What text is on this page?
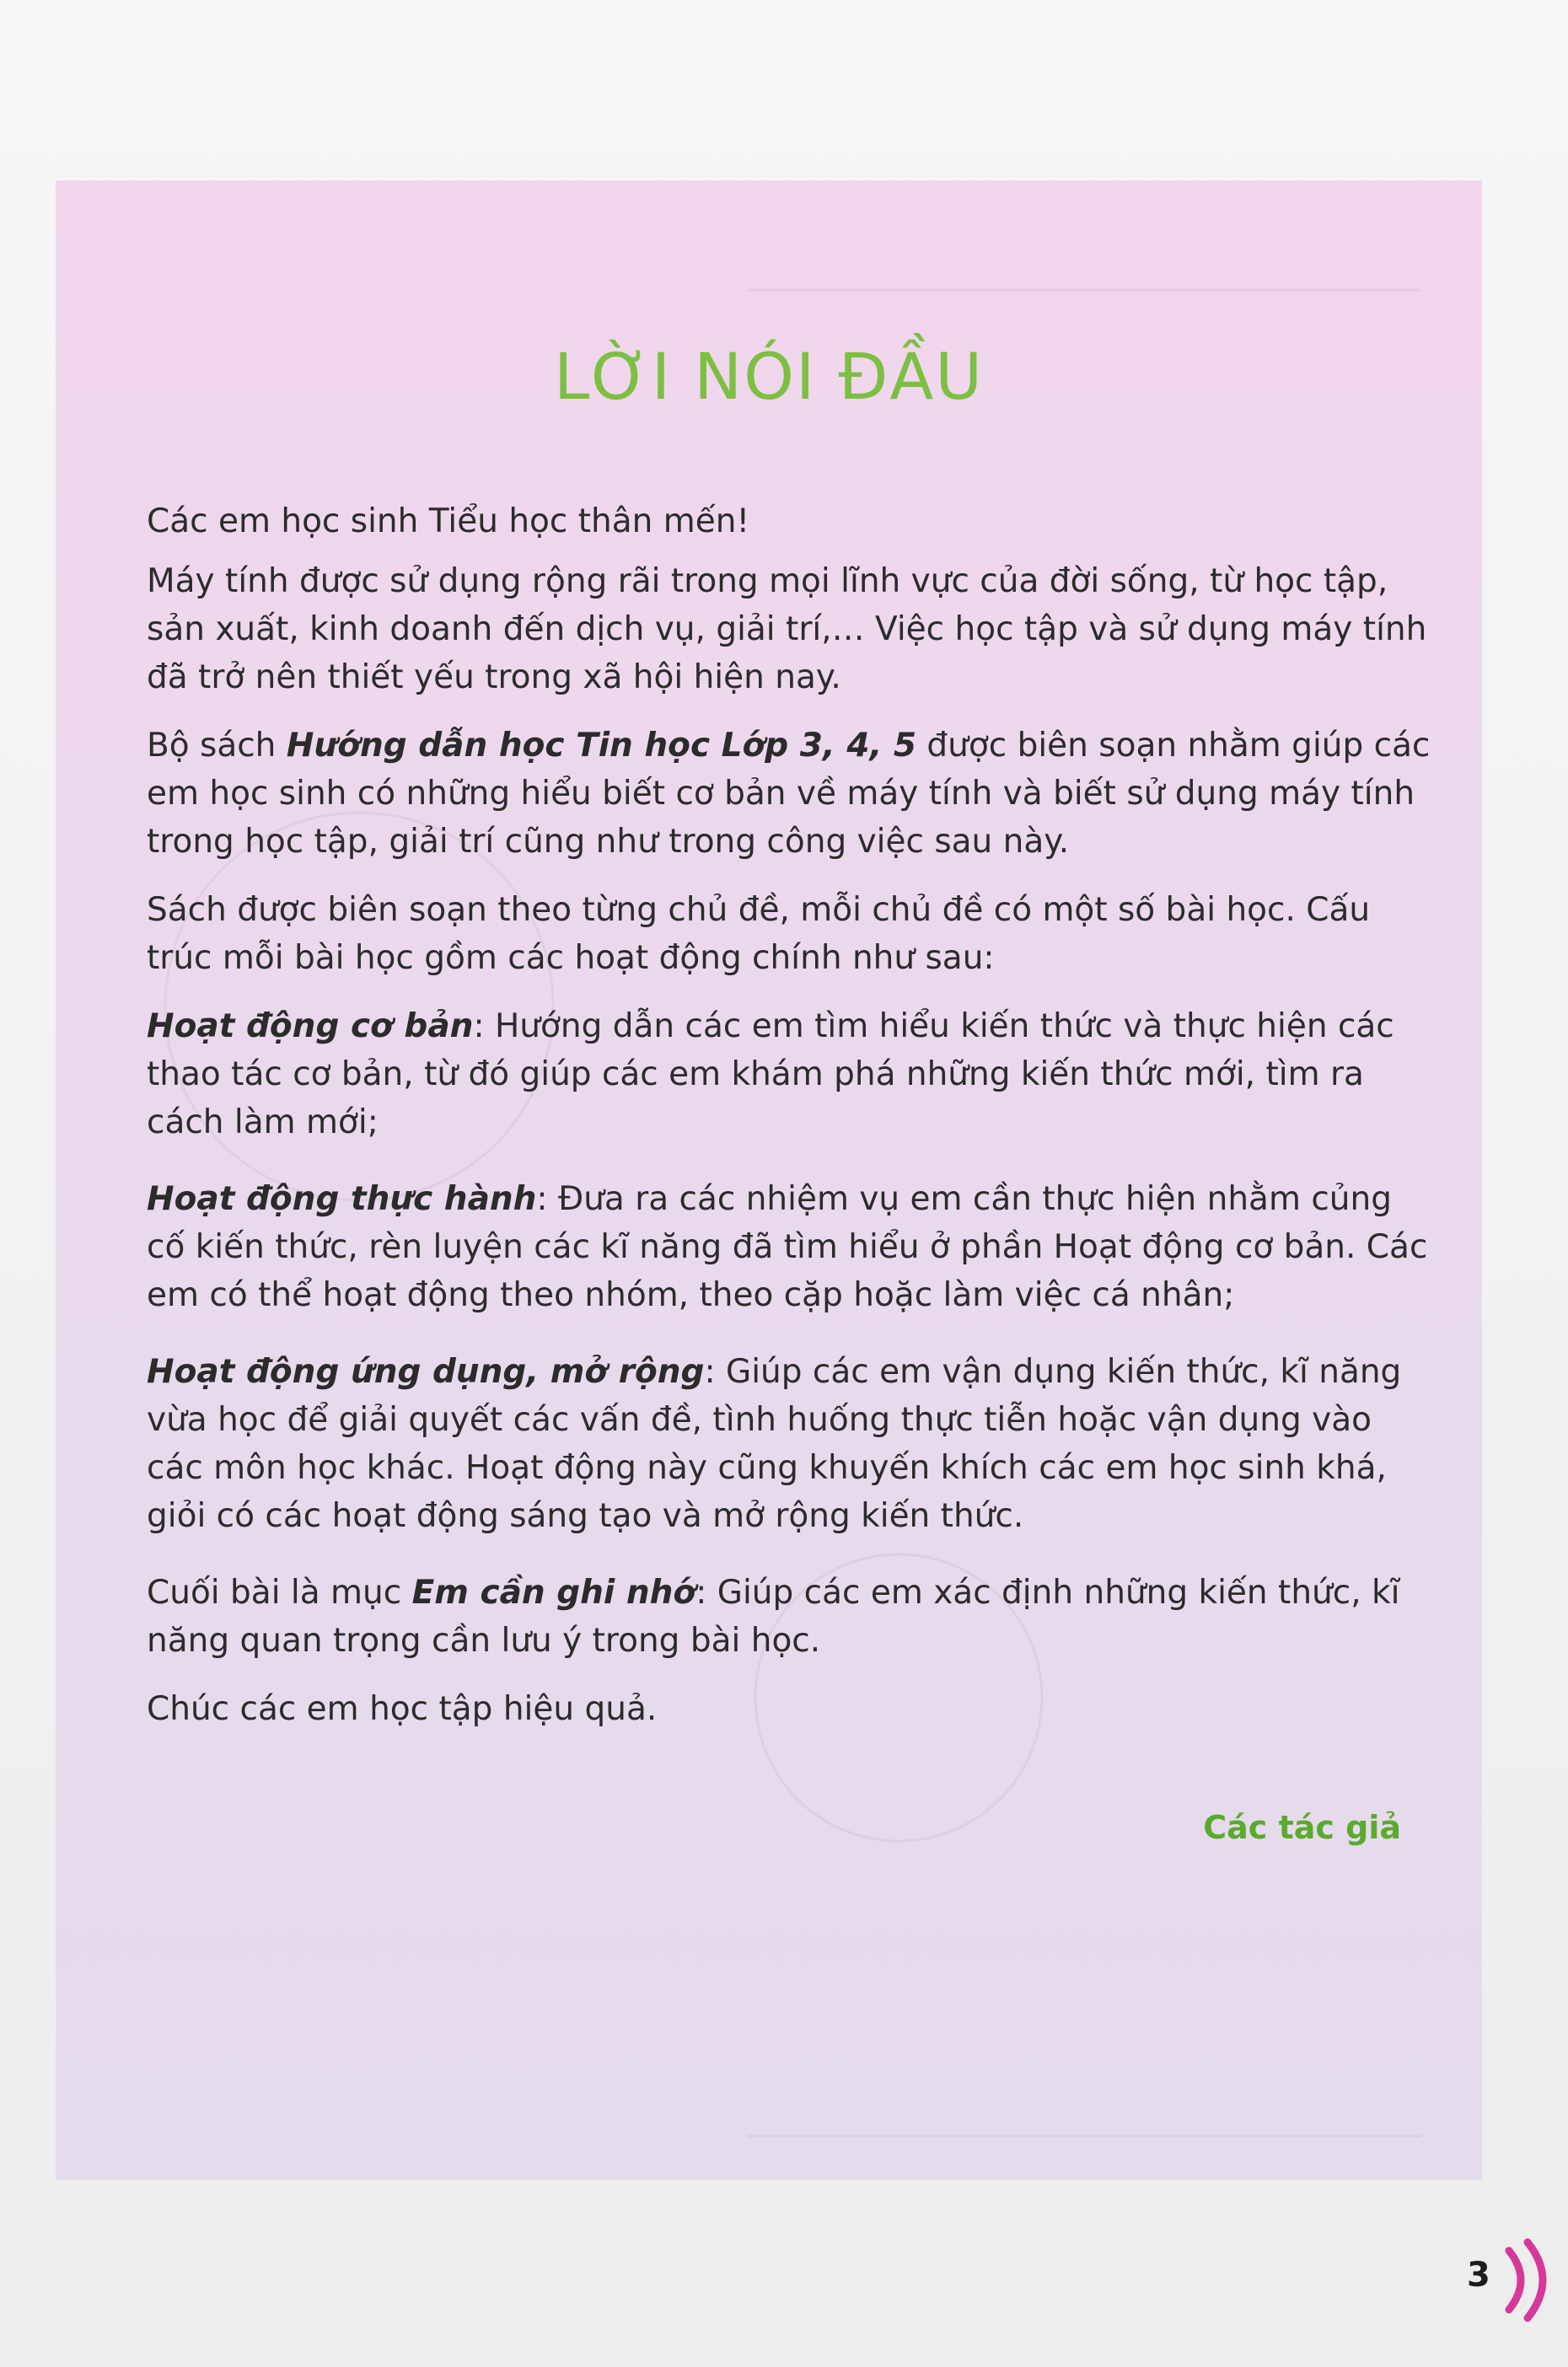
LỜI NÓI ĐẦU

Các em học sinh Tiểu học thân mến!

Máy tính được sử dụng rộng rãi trong mọi lĩnh vực của đời sống, từ học tập, sản xuất, kinh doanh đến dịch vụ, giải trí,… Việc học tập và sử dụng máy tính đã trở nên thiết yếu trong xã hội hiện nay.

Bộ sách Hướng dẫn học Tin học Lớp 3, 4, 5 được biên soạn nhằm giúp các em học sinh có những hiểu biết cơ bản về máy tính và biết sử dụng máy tính trong học tập, giải trí cũng như trong công việc sau này.

Sách được biên soạn theo từng chủ đề, mỗi chủ đề có một số bài học. Cấu trúc mỗi bài học gồm các hoạt động chính như sau:

Hoạt động cơ bản: Hướng dẫn các em tìm hiểu kiến thức và thực hiện các thao tác cơ bản, từ đó giúp các em khám phá những kiến thức mới, tìm ra cách làm mới;

Hoạt động thực hành: Đưa ra các nhiệm vụ em cần thực hiện nhằm củng cố kiến thức, rèn luyện các kĩ năng đã tìm hiểu ở phần Hoạt động cơ bản. Các em có thể hoạt động theo nhóm, theo cặp hoặc làm việc cá nhân;

Hoạt động ứng dụng, mở rộng: Giúp các em vận dụng kiến thức, kĩ năng vừa học để giải quyết các vấn đề, tình huống thực tiễn hoặc vận dụng vào các môn học khác. Hoạt động này cũng khuyến khích các em học sinh khá, giỏi có các hoạt động sáng tạo và mở rộng kiến thức.

Cuối bài là mục Em cần ghi nhớ: Giúp các em xác định những kiến thức, kĩ năng quan trọng cần lưu ý trong bài học.

Chúc các em học tập hiệu quả.

Các tác giả
3
